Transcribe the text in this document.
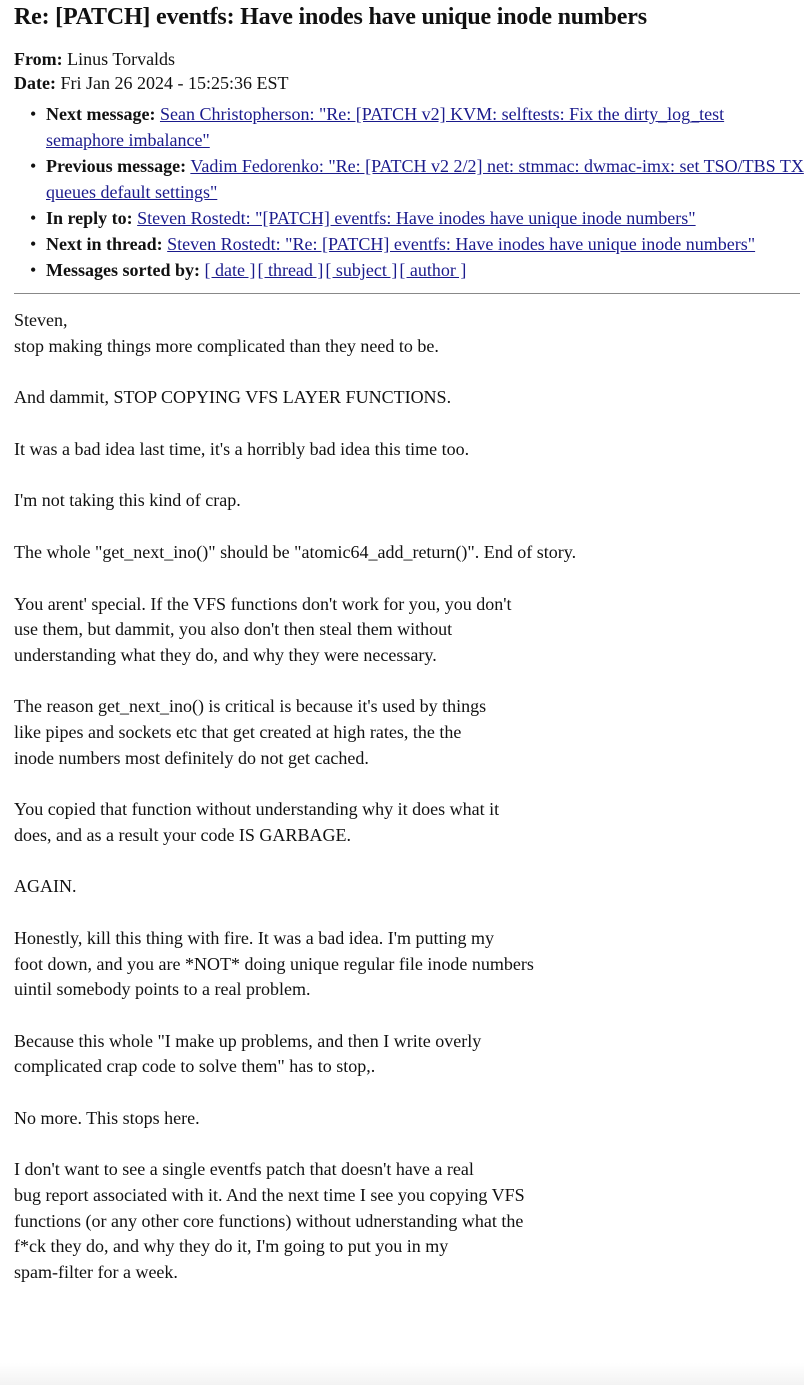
Re: [PATCH] eventfs: Have inodes have unique inode numbers
From: Linus Torvalds
Date: Fri Jan 26 2024 - 15:25:36 EST
• Next message: Sean Christopherson: "Re: [PATCH v2] KVM: selftests: Fix the dirty_log_test semaphore imbalance"
• Previous message: Vadim Fedorenko: "Re: [PATCH v2 2/2] net: stmmac: dwmac-imx: set TSO/TBS TX queues default settings"
• In reply to: Steven Rostedt: "[PATCH] eventfs: Have inodes have unique inode numbers"
• Next in thread: Steven Rostedt: "Re: [PATCH] eventfs: Have inodes have unique inode numbers"
• Messages sorted by: [ date ] [ thread ] [ subject ] [ author ]

Steven,
stop making things more complicated than they need to be.

And dammit, STOP COPYING VFS LAYER FUNCTIONS.

It was a bad idea last time, it's a horribly bad idea this time too.

I'm not taking this kind of crap.

The whole "get_next_ino()" should be "atomic64_add_return()". End of story.

You arent' special. If the VFS functions don't work for you, you don't
use them, but dammit, you also don't then steal them without
understanding what they do, and why they were necessary.

The reason get_next_ino() is critical is because it's used by things
like pipes and sockets etc that get created at high rates, the the
inode numbers most definitely do not get cached.

You copied that function without understanding why it does what it
does, and as a result your code IS GARBAGE.

AGAIN.

Honestly, kill this thing with fire. It was a bad idea. I'm putting my
foot down, and you are *NOT* doing unique regular file inode numbers
uintil somebody points to a real problem.

Because this whole "I make up problems, and then I write overly
complicated crap code to solve them" has to stop,.

No more. This stops here.

I don't want to see a single eventfs patch that doesn't have a real
bug report associated with it. And the next time I see you copying VFS
functions (or any other core functions) without udnerstanding what the
f*ck they do, and why they do it, I'm going to put you in my
spam-filter for a week.
